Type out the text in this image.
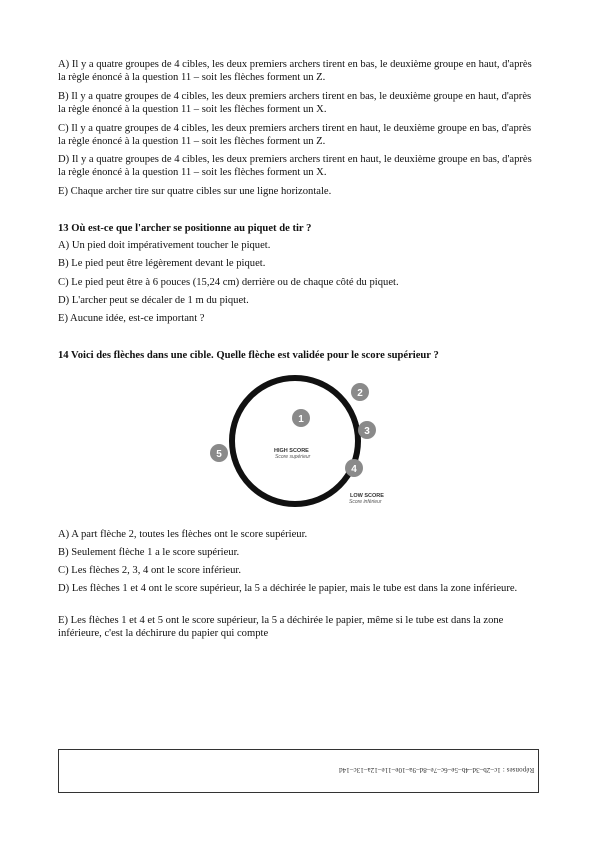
A) Il y a quatre groupes de 4 cibles, les deux premiers archers tirent en bas, le deuxième groupe en haut, d'après la règle énoncé à la question 11 – soit les flèches forment un Z.
B) Il y a quatre groupes de 4 cibles, les deux premiers archers tirent en bas, le deuxième groupe en haut, d'après la règle énoncé à la question 11 – soit les flèches forment un X.
C) Il y a quatre groupes de 4 cibles, les deux premiers archers tirent en haut, le deuxième groupe en bas, d'après la règle énoncé à la question 11 – soit les flèches forment un Z.
D) Il y a quatre groupes de 4 cibles, les deux premiers archers tirent en haut, le deuxième groupe en bas, d'après la règle énoncé à la question 11 – soit les flèches forment un X.
E) Chaque archer tire sur quatre cibles sur une ligne horizontale.
13 Où est-ce que l'archer se positionne au piquet de tir ?
A) Un pied doit impérativement toucher le piquet.
B) Le pied peut être légèrement devant le piquet.
C) Le pied peut être à 6 pouces (15,24 cm) derrière ou de chaque côté du piquet.
D) L'archer peut se décaler de 1 m du piquet.
E) Aucune idée, est-ce important ?
14 Voici des flèches dans une cible. Quelle flèche est validée pour le score supérieur ?
HIGH SCORE
Score supérieur
LOW SCORE
Score inférieur
1
2
3
4
5
A) A part flèche 2, toutes les flèches ont le score supérieur.
B) Seulement flèche 1 a le score supérieur.
C) Les flèches 2, 3, 4 ont le score inférieur.
D) Les flèches 1 et 4 ont le score supérieur, la 5 a déchirée le papier, mais le tube est dans la zone inférieure.
E) Les flèches 1 et 4 et 5 ont le score supérieur, la 5 a déchirée le papier, même si le tube est dans la zone inférieure, c'est la déchirure du papier qui compte
Réponses : 1c–2b–3d–4b–5e–6c–7e–8d–9a–10e–11e–12a–13c–14d
